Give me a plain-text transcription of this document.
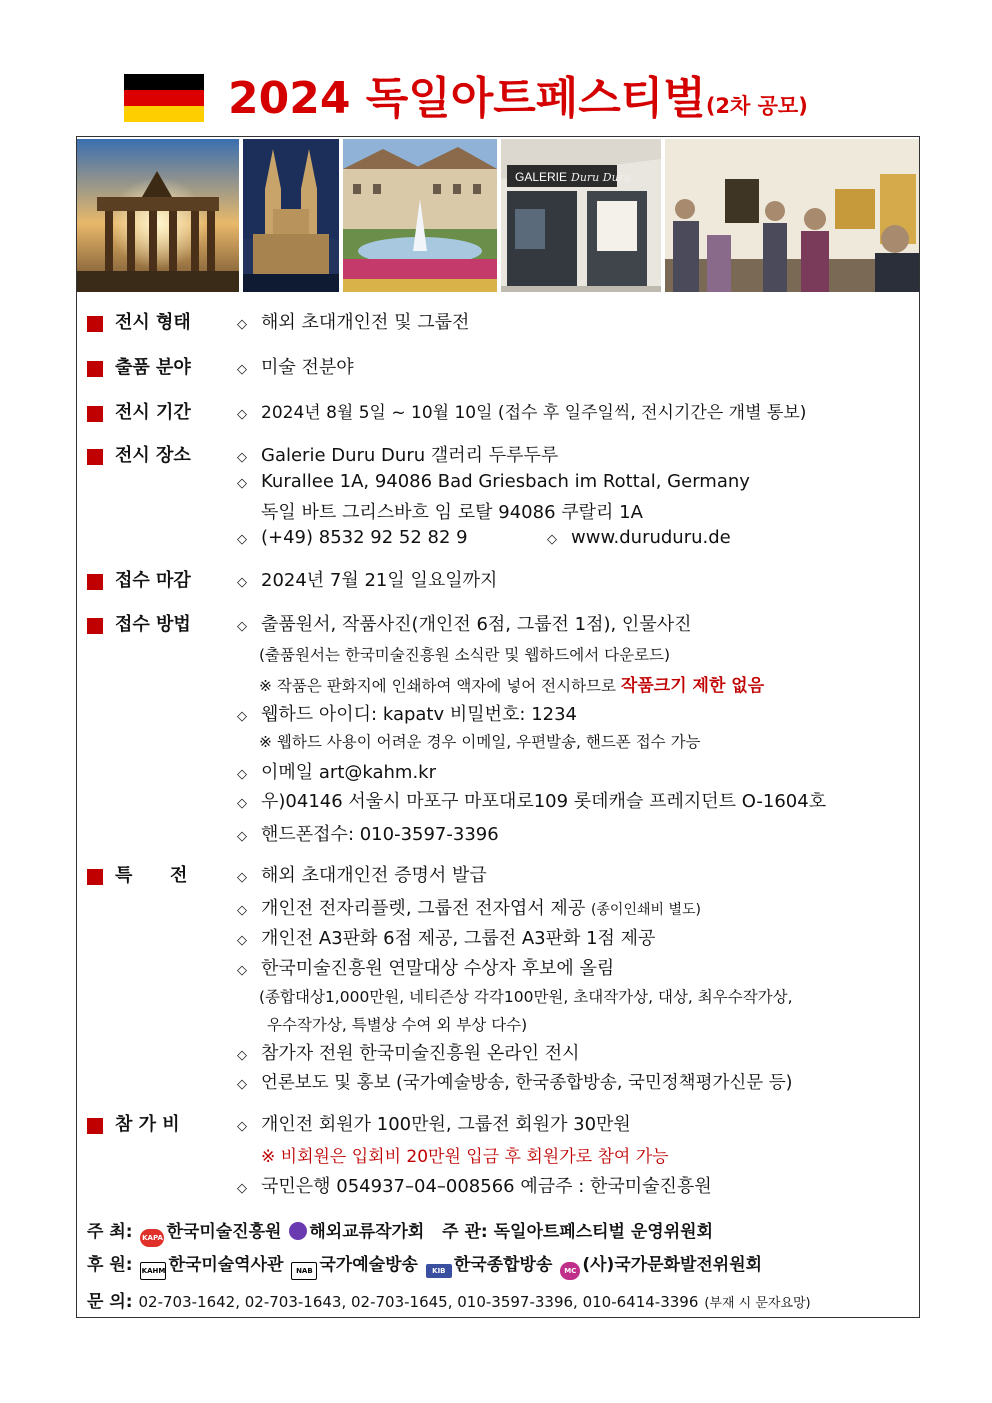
2024 독일아트페스티벌(2차 공모)
GALERIE Duru Duru
전시 형태	◇ 해외 초대개인전 및 그룹전
출품 분야	◇ 미술 전분야
전시 기간	◇ 2024년 8월 5일 ~ 10월 10일 (접수 후 일주일씩, 전시기간은 개별 통보)
전시 장소	◇ Galerie Duru Duru 갤러리 두루두루
◇ Kurallee 1A, 94086 Bad Griesbach im Rottal, Germany
독일 바트 그리스바흐 임 로탈 94086 쿠랄리 1A
◇ (+49) 8532 92 52 82 9	◇ www.duruduru.de
접수 마감	◇ 2024년 7월 21일 일요일까지
접수 방법	◇ 출품원서, 작품사진(개인전 6점, 그룹전 1점), 인물사진
(출품원서는 한국미술진흥원 소식란 및 웹하드에서 다운로드)
※ 작품은 판화지에 인쇄하여 액자에 넣어 전시하므로 작품크기 제한 없음
◇ 웹하드 아이디: kapatv 비밀번호: 1234
※ 웹하드 사용이 어려운 경우 이메일, 우편발송, 핸드폰 접수 가능
◇ 이메일 art@kahm.kr
◇ 우)04146 서울시 마포구 마포대로109 롯데캐슬 프레지던트 O-1604호
◇ 핸드폰접수: 010-3597-3396
특      전	◇ 해외 초대개인전 증명서 발급
◇ 개인전 전자리플렛, 그룹전 전자엽서 제공 (종이인쇄비 별도)
◇ 개인전 A3판화 6점 제공, 그룹전 A3판화 1점 제공
◇ 한국미술진흥원 연말대상 수상자 후보에 올림
(종합대상1,000만원, 네티즌상 각각100만원, 초대작가상, 대상, 최우수작가상,
우수작가상, 특별상 수여 외 부상 다수)
◇ 참가자 전원 한국미술진흥원 온라인 전시
◇ 언론보도 및 홍보 (국가예술방송, 한국종합방송, 국민정책평가신문 등)
참 가 비	◇ 개인전 회원가 100만원, 그룹전 회원가 30만원
※ 비회원은 입회비 20만원 입금 후 회원가로 참여 가능
◇ 국민은행 054937–04–008566 예금주 : 한국미술진흥원
주 최: KAPA 한국미술진흥원 해외교류작가회 주 관: 독일아트페스티벌 운영위원회
후 원: KAHM 한국미술역사관 NAB 국가예술방송 KIB 한국종합방송 MC (사)국가문화발전위원회
문 의: 02-703-1642, 02-703-1643, 02-703-1645, 010-3597-3396, 010-6414-3396 (부재 시 문자요망)
